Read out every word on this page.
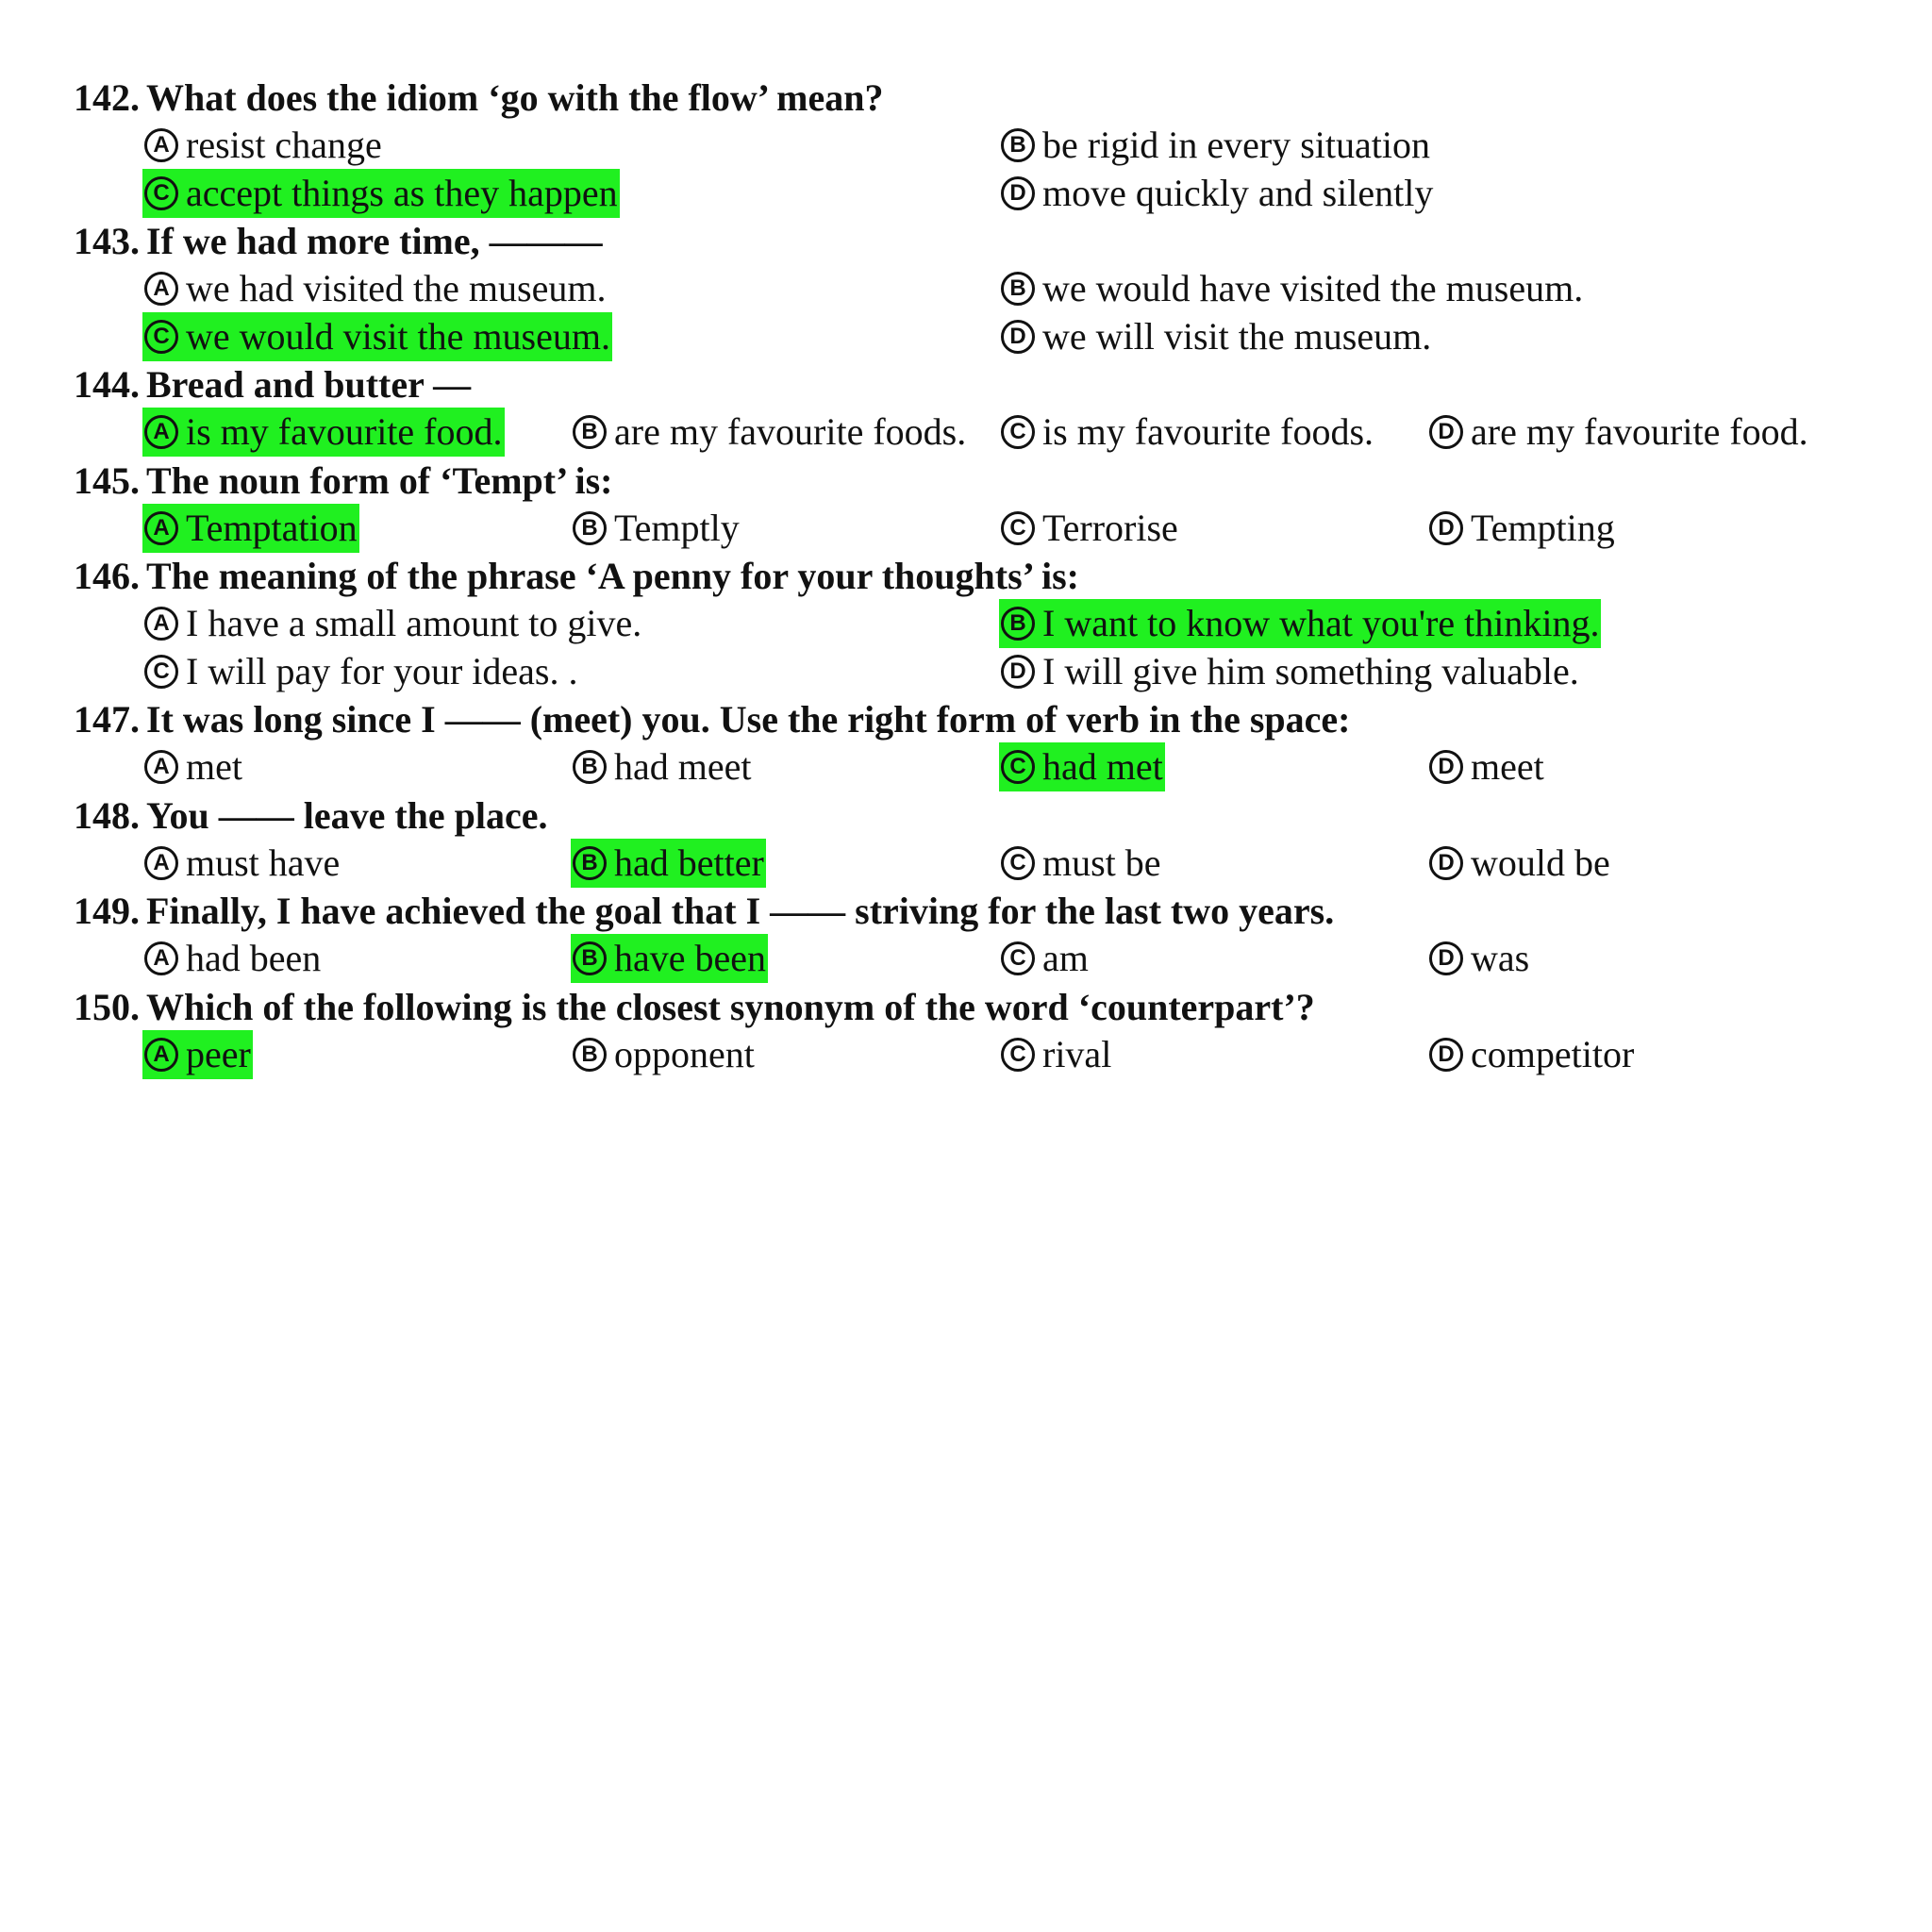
142. What does the idiom ‘go with the flow’ mean?
A resist change	B be rigid in every situation
C accept things as they happen	D move quickly and silently
143. If we had more time, ———
A we had visited the museum.	B we would have visited the museum.
C we would visit the museum.	D we will visit the museum.
144. Bread and butter —
A is my favourite food.	B are my favourite foods.	C is my favourite foods.	D are my favourite food.
145. The noun form of ‘Tempt’ is:
A Temptation	B Temptly	C Terrorise	D Tempting
146. The meaning of the phrase ‘A penny for your thoughts’ is:
A I have a small amount to give.	B I want to know what you're thinking.
C I will pay for your ideas. .	D I will give him something valuable.
147. It was long since I —— (meet) you. Use the right form of verb in the space:
A met	B had meet	C had met	D meet
148. You —— leave the place.
A must have	B had better	C must be	D would be
149. Finally, I have achieved the goal that I —— striving for the last two years.
A had been	B have been	C am	D was
150. Which of the following is the closest synonym of the word ‘counterpart’?
A peer	B opponent	C rival	D competitor
